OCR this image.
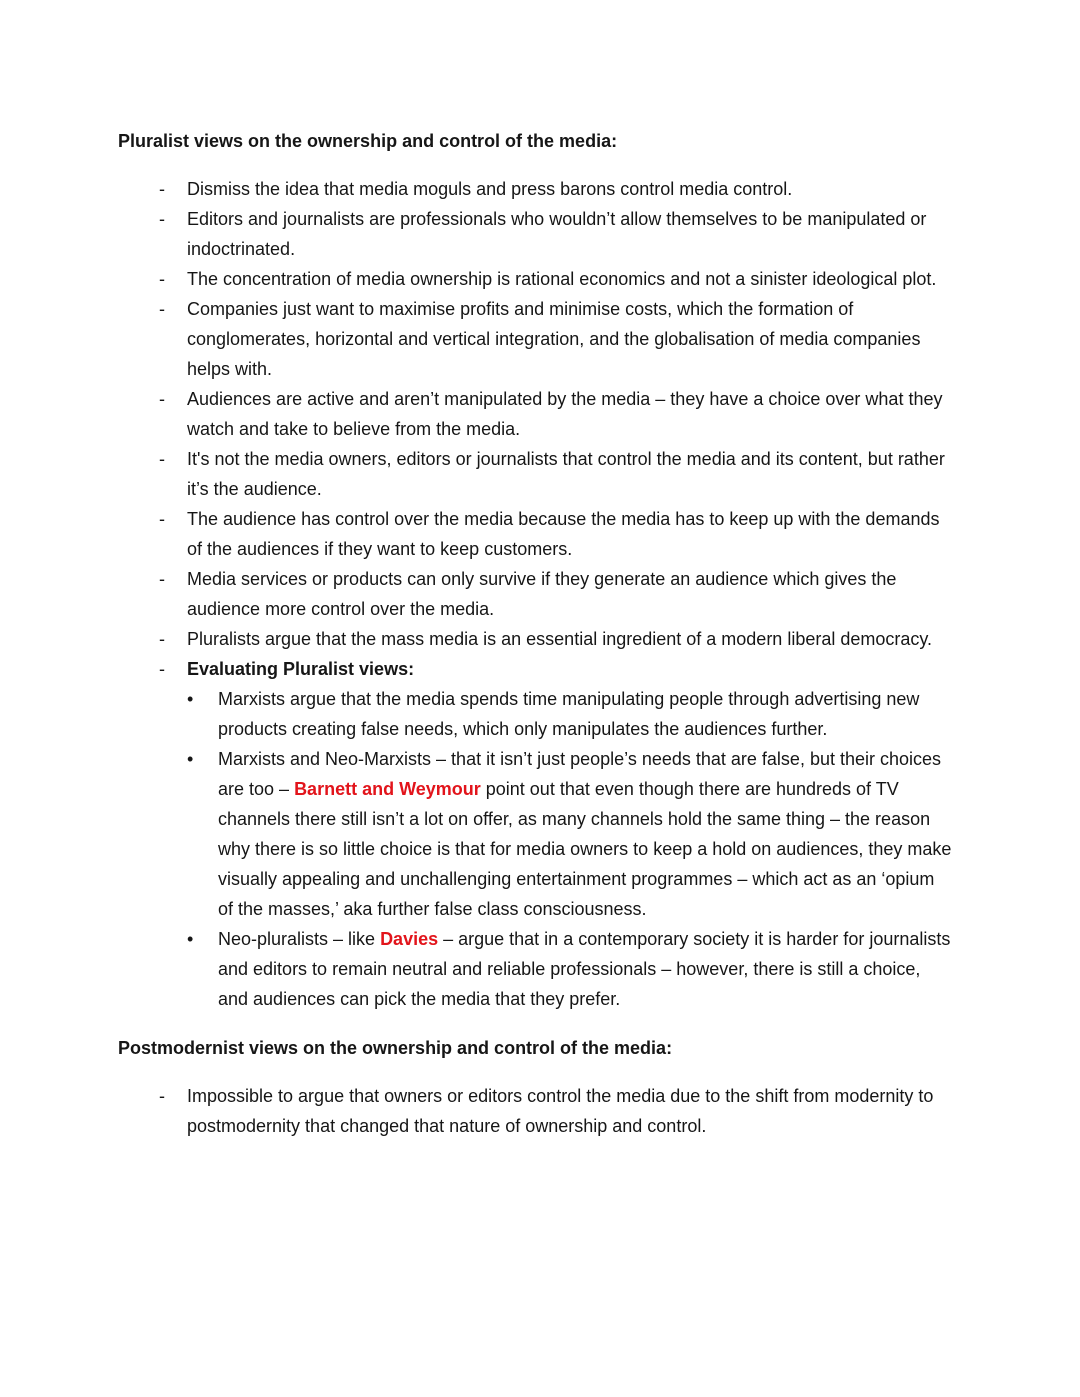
Pluralist views on the ownership and control of the media:
-	Dismiss the idea that media moguls and press barons control media control.
-	Editors and journalists are professionals who wouldn’t allow themselves to be manipulated or indoctrinated.
-	The concentration of media ownership is rational economics and not a sinister ideological plot.
-	Companies just want to maximise profits and minimise costs, which the formation of conglomerates, horizontal and vertical integration, and the globalisation of media companies helps with.
-	Audiences are active and aren’t manipulated by the media – they have a choice over what they watch and take to believe from the media.
-	It's not the media owners, editors or journalists that control the media and its content, but rather it’s the audience.
-	The audience has control over the media because the media has to keep up with the demands of the audiences if they want to keep customers.
-	Media services or products can only survive if they generate an audience which gives the audience more control over the media.
-	Pluralists argue that the mass media is an essential ingredient of a modern liberal democracy.
-	Evaluating Pluralist views:
•	Marxists argue that the media spends time manipulating people through advertising new products creating false needs, which only manipulates the audiences further.
•	Marxists and Neo-Marxists – that it isn’t just people’s needs that are false, but their choices are too – Barnett and Weymour point out that even though there are hundreds of TV channels there still isn’t a lot on offer, as many channels hold the same thing – the reason why there is so little choice is that for media owners to keep a hold on audiences, they make visually appealing and unchallenging entertainment programmes – which act as an ‘opium of the masses,’ aka further false class consciousness.
•	Neo-pluralists – like Davies – argue that in a contemporary society it is harder for journalists and editors to remain neutral and reliable professionals – however, there is still a choice, and audiences can pick the media that they prefer.
Postmodernist views on the ownership and control of the media:
-	Impossible to argue that owners or editors control the media due to the shift from modernity to postmodernity that changed that nature of ownership and control.
